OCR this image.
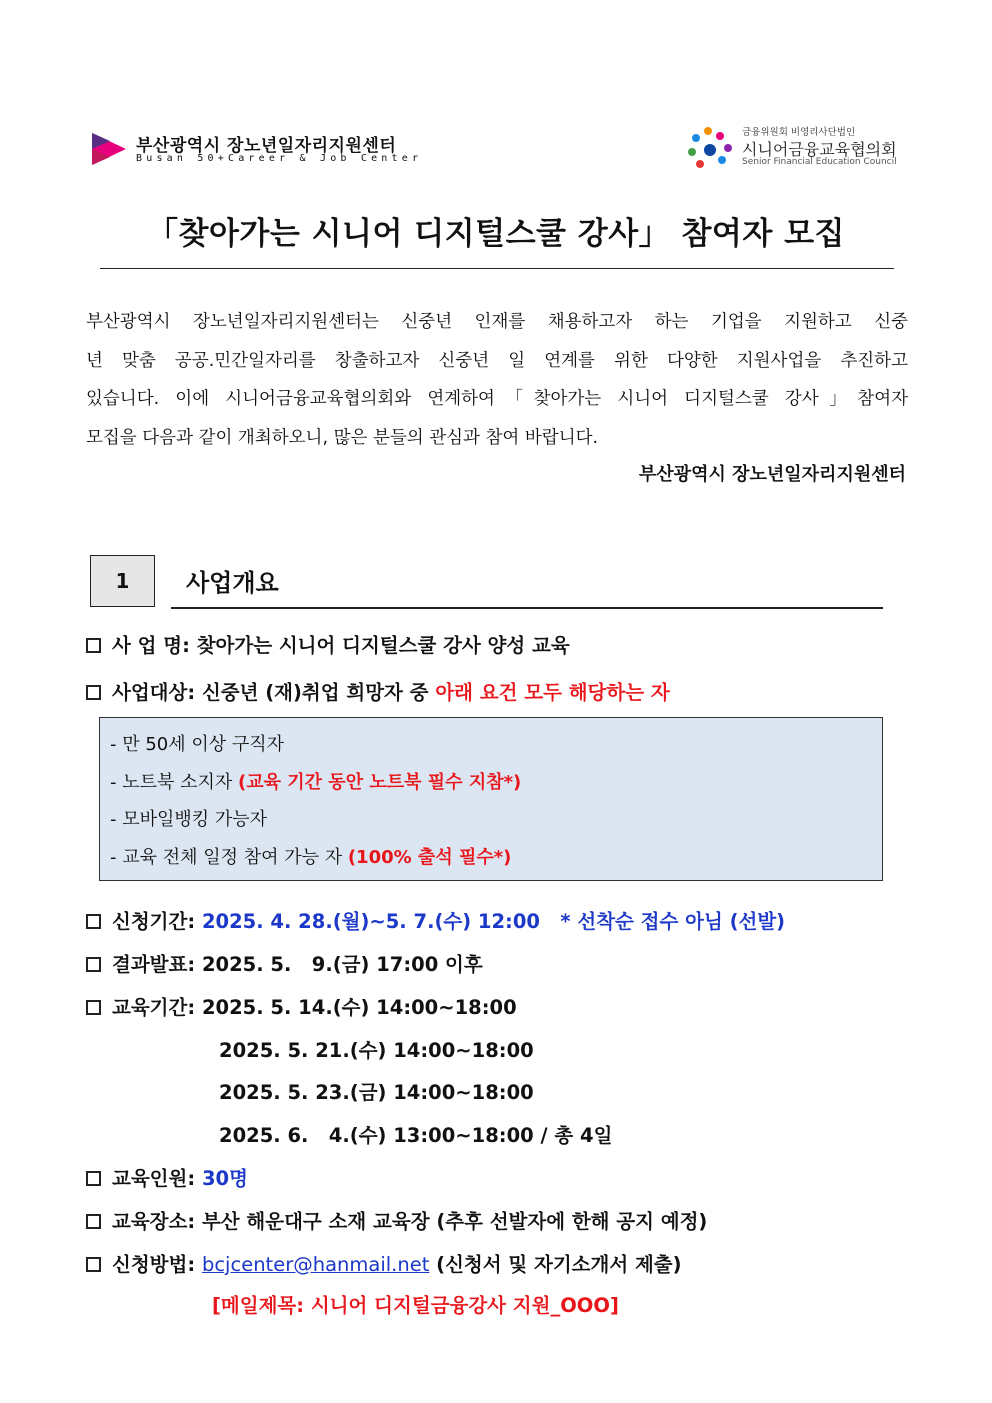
부산광역시 장노년일자리지원센터
Busan 50+Career & Job Center
금융위원회 비영리사단법인
시니어금융교육협의회
Senior Financial Education Council
「찾아가는 시니어 디지털스쿨 강사」 참여자 모집
부산광역시 장노년일자리지원센터는 신중년 인재를 채용하고자 하는 기업을 지원하고 신중
년 맞춤 공공.민간일자리를 창출하고자 신중년 일 연계를 위한 다양한 지원사업을 추진하고
있습니다. 이에 시니어금융교육협의회와 연계하여「찾아가는 시니어 디지털스쿨 강사」참여자
모집을 다음과 같이 개최하오니, 많은 분들의 관심과 참여 바랍니다.
부산광역시 장노년일자리지원센터
1	사업개요
사 업 명: 찾아가는 시니어 디지털스쿨 강사 양성 교육
사업대상: 신중년 (재)취업 희망자 중 아래 요건 모두 해당하는 자
- 만 50세 이상 구직자
- 노트북 소지자 (교육 기간 동안 노트북 필수 지참*)
- 모바일뱅킹 가능자
- 교육 전체 일정 참여 가능 자 (100% 출석 필수*)
신청기간: 2025. 4. 28.(월)~5. 7.(수) 12:00 * 선착순 접수 아님 (선발)
결과발표: 2025. 5.   9.(금) 17:00 이후
교육기간: 2025. 5. 14.(수) 14:00~18:00
2025. 5. 21.(수) 14:00~18:00
2025. 5. 23.(금) 14:00~18:00
2025. 6.   4.(수) 13:00~18:00 / 총 4일
교육인원: 30명
교육장소: 부산 해운대구 소재 교육장 (추후 선발자에 한해 공지 예정)
신청방법: bcjcenter@hanmail.net (신청서 및 자기소개서 제출)
[메일제목: 시니어 디지털금융강사 지원_OOO]
